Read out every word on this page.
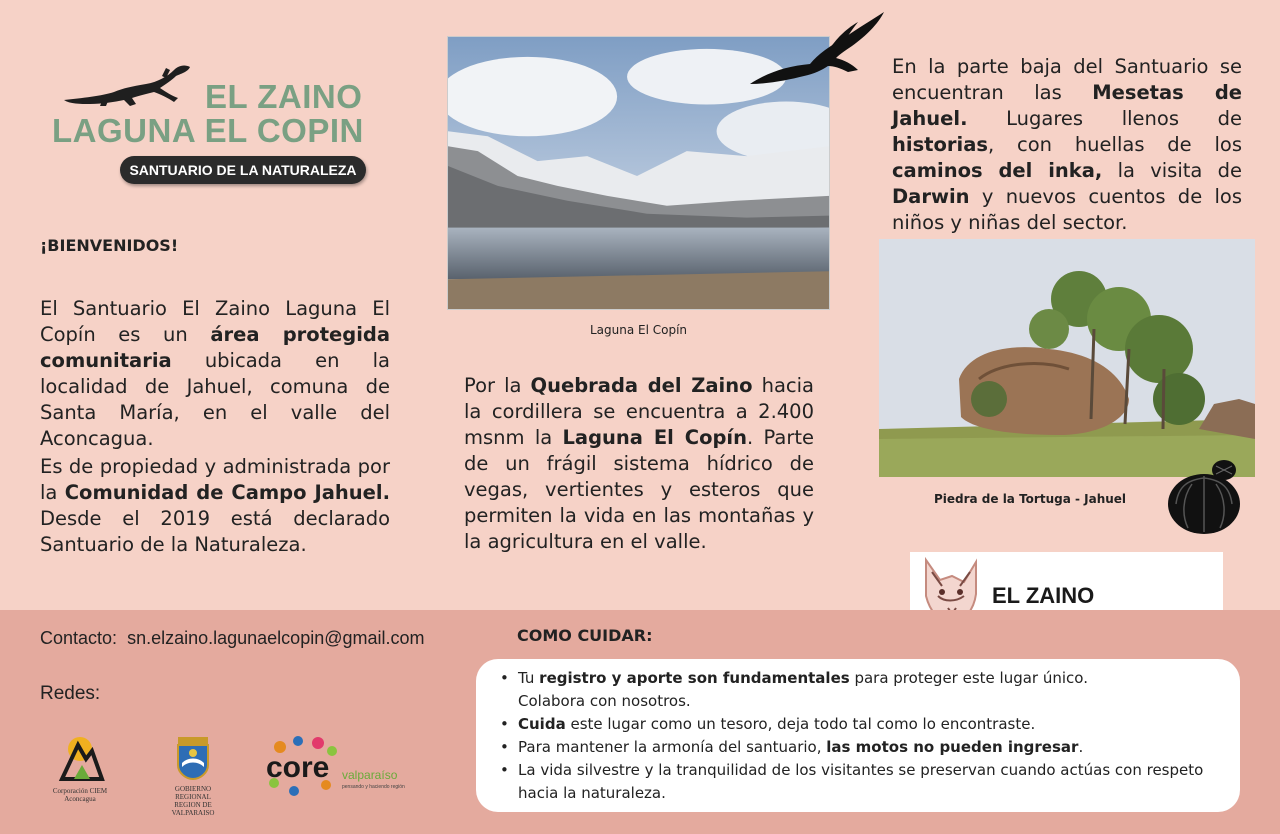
EL ZAINO
LAGUNA EL COPIN
SANTUARIO DE LA NATURALEZA
¡BIENVENIDOS!
El Santuario El Zaino Laguna El Copín es un área protegida comunitaria ubicada en la localidad de Jahuel, comuna de Santa María, en el valle del Aconcagua.
Es de propiedad y administrada por la Comunidad de Campo Jahuel. Desde el 2019 está declarado Santuario de la Naturaleza.
Laguna El Copín
Por la Quebrada del Zaino hacia la cordillera se encuentra a 2.400 msnm la Laguna El Copín. Parte de un frágil sistema hídrico de vegas, vertientes y esteros que permiten la vida en las montañas y la agricultura en el valle.
En la parte baja del Santuario se encuentran las Mesetas de Jahuel. Lugares llenos de historias, con huellas de los caminos del inka, la visita de Darwin y nuevos cuentos de los niños y niñas del sector.
Piedra de la Tortuga - Jahuel
EL ZAINO
Contacto: sn.elzaino.lagunaelcopin@gmail.com
Redes:
COMO CUIDAR:
• Tu registro y aporte son fundamentales para proteger este lugar único.
Colabora con nosotros.
• Cuida este lugar como un tesoro, deja todo tal como lo encontraste.
• Para mantener la armonía del santuario, las motos no pueden ingresar.
• La vida silvestre y la tranquilidad de los visitantes se preservan cuando actúas con respeto hacia la naturaleza.
Corporación CIEM Aconcagua
GOBIERNO REGIONAL
REGION DE VALPARAISO
core valparaíso
pensando y haciendo región
